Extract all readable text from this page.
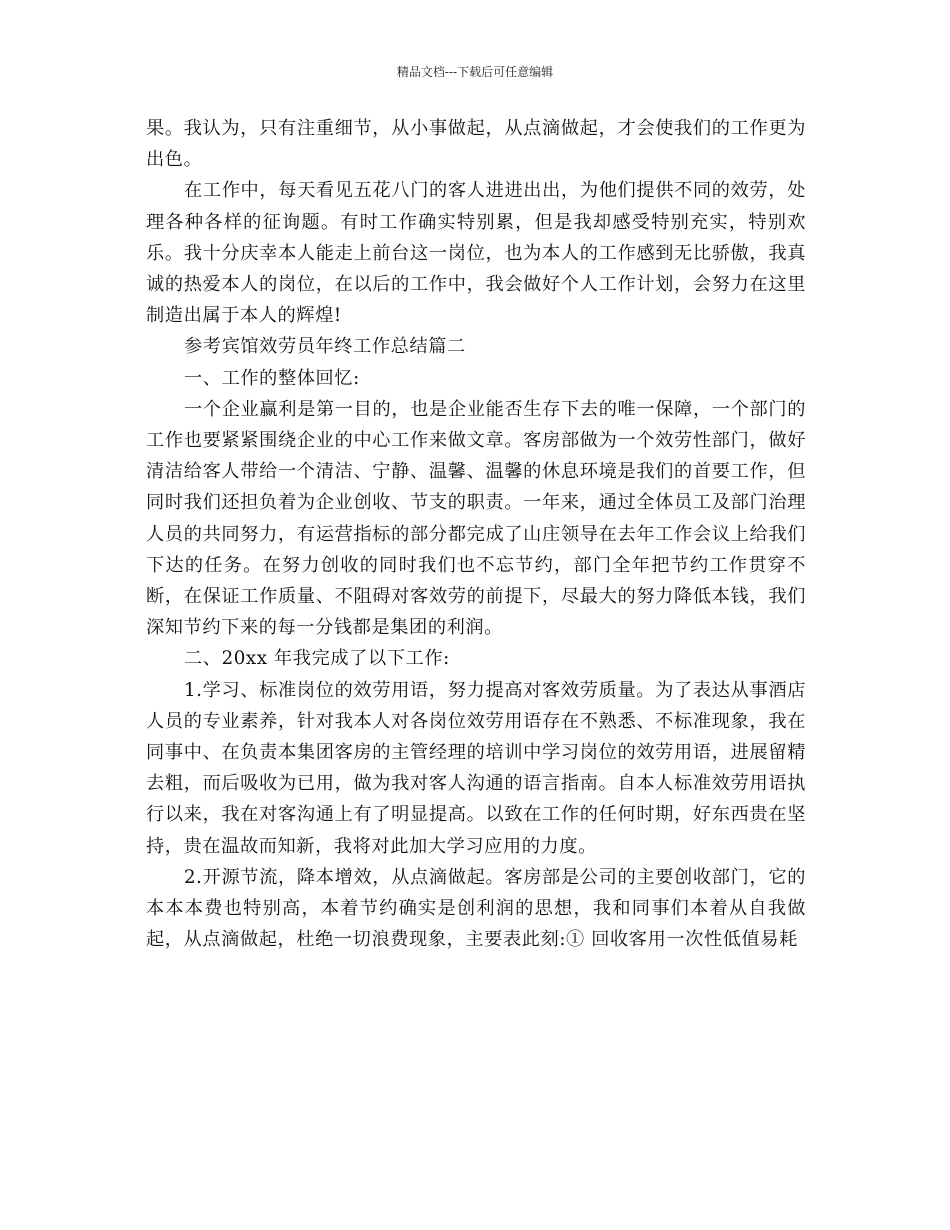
精品文档---下载后可任意编辑

果。我认为，只有注重细节，从小事做起，从点滴做起，才会使我们的工作更为出色。

在工作中，每天看见五花八门的客人进进出出，为他们提供不同的效劳，处理各种各样的征询题。有时工作确实特别累，但是我却感受特别充实，特别欢乐。我十分庆幸本人能走上前台这一岗位，也为本人的工作感到无比骄傲，我真诚的热爱本人的岗位，在以后的工作中，我会做好个人工作计划，会努力在这里制造出属于本人的辉煌!

参考宾馆效劳员年终工作总结篇二

一、工作的整体回忆:

一个企业赢利是第一目的，也是企业能否生存下去的唯一保障，一个部门的工作也要紧紧围绕企业的中心工作来做文章。客房部做为一个效劳性部门，做好清洁给客人带给一个清洁、宁静、温馨、温馨的休息环境是我们的首要工作，但同时我们还担负着为企业创收、节支的职责。一年来，通过全体员工及部门治理人员的共同努力，有运营指标的部分都完成了山庄领导在去年工作会议上给我们下达的任务。在努力创收的同时我们也不忘节约，部门全年把节约工作贯穿不断，在保证工作质量、不阻碍对客效劳的前提下，尽最大的努力降低本钱，我们深知节约下来的每一分钱都是集团的利润。

二、20xx 年我完成了以下工作:

1.学习、标准岗位的效劳用语，努力提高对客效劳质量。为了表达从事酒店人员的专业素养，针对我本人对各岗位效劳用语存在不熟悉、不标准现象，我在同事中、在负责本集团客房的主管经理的培训中学习岗位的效劳用语，进展留精去粗，而后吸收为已用，做为我对客人沟通的语言指南。自本人标准效劳用语执行以来，我在对客沟通上有了明显提高。以致在工作的任何时期，好东西贵在坚持，贵在温故而知新，我将对此加大学习应用的力度。

2.开源节流，降本增效，从点滴做起。客房部是公司的主要创收部门，它的本本本费也特别高，本着节约确实是创利润的思想，我和同事们本着从自我做起，从点滴做起，杜绝一切浪费现象，主要表此刻:① 回收客用一次性低值易耗
